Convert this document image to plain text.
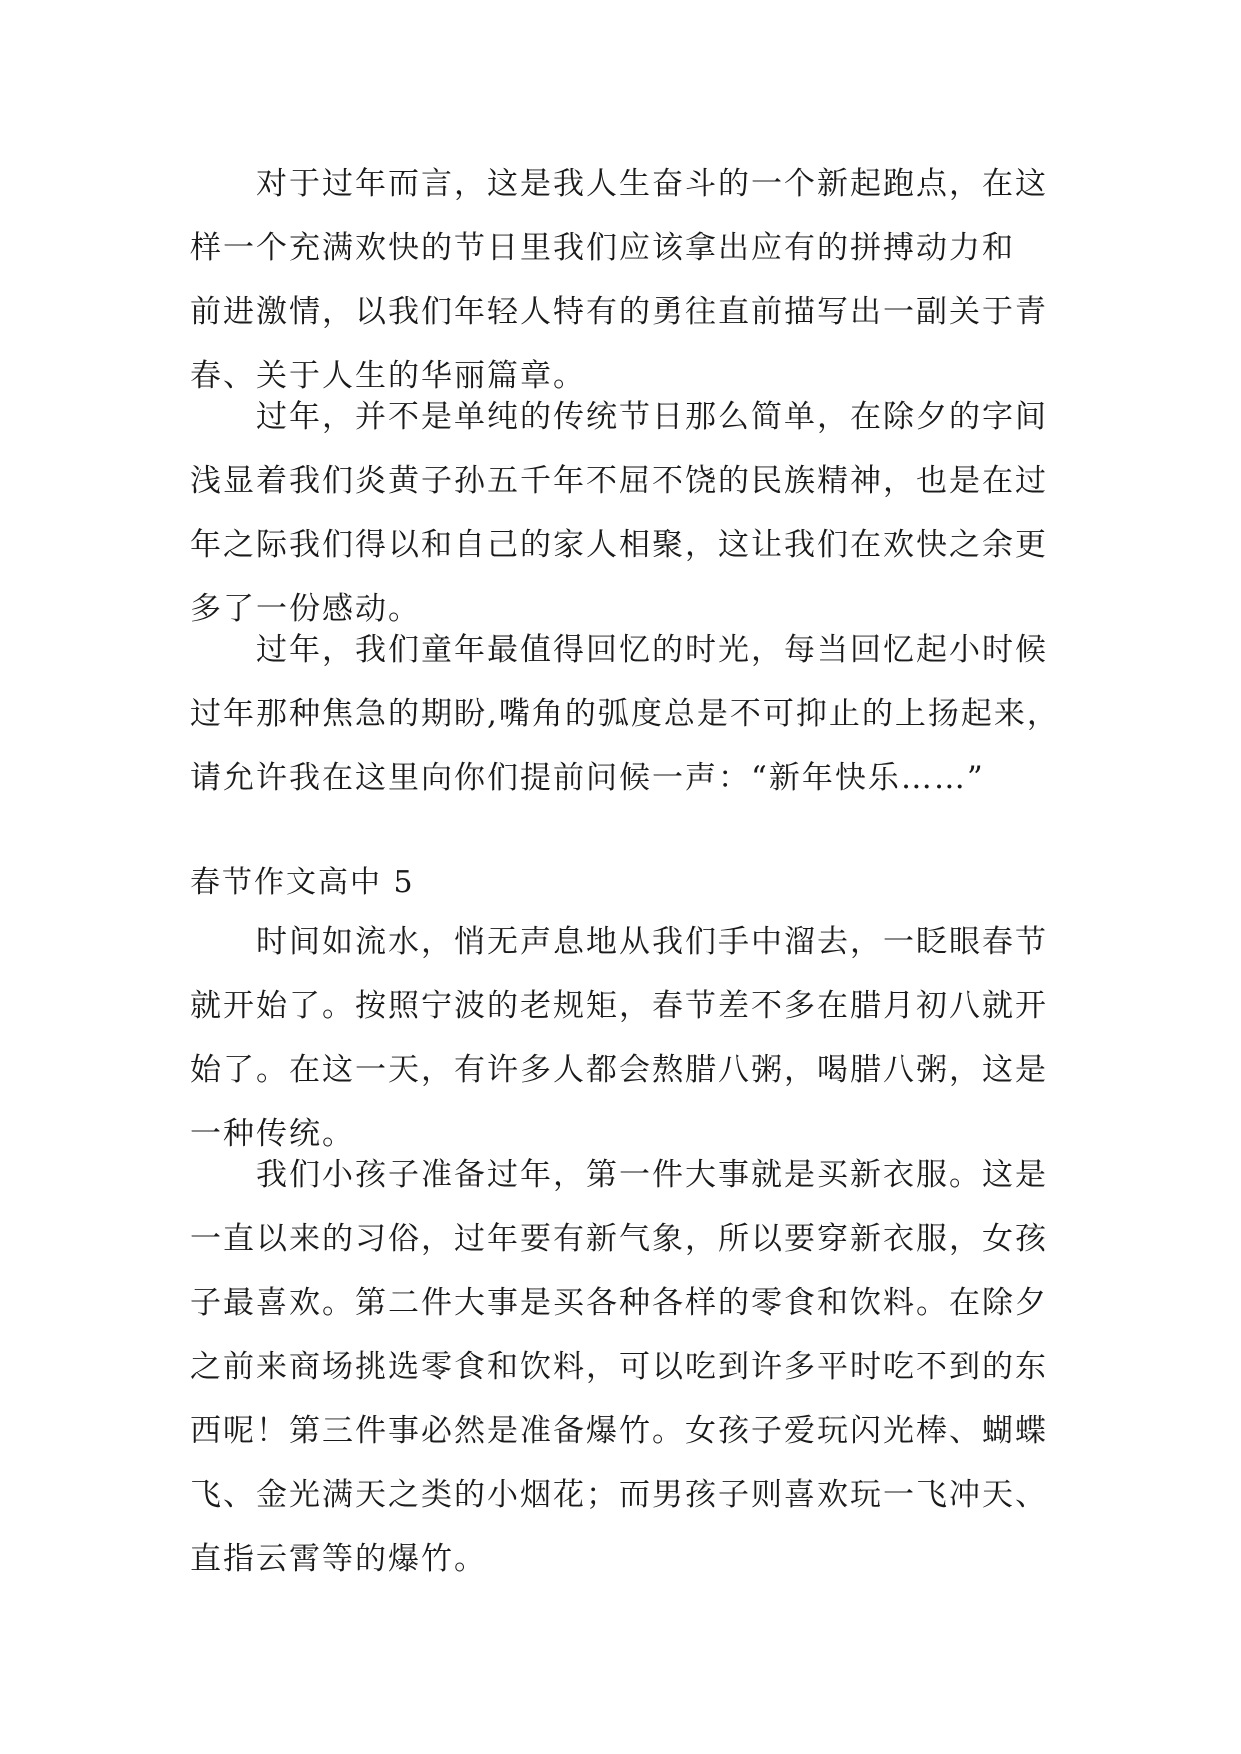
对于过年而言，这是我人生奋斗的一个新起跑点，在这
样一个充满欢快的节日里我们应该拿出应有的拼搏动力和
前进激情，以我们年轻人特有的勇往直前描写出一副关于青
春、关于人生的华丽篇章。
过年，并不是单纯的传统节日那么简单，在除夕的字间
浅显着我们炎黄子孙五千年不屈不饶的民族精神，也是在过
年之际我们得以和自己的家人相聚，这让我们在欢快之余更
多了一份感动。
过年，我们童年最值得回忆的时光，每当回忆起小时候
过年那种焦急的期盼,嘴角的弧度总是不可抑止的上扬起来，
请允许我在这里向你们提前问候一声：“新年快乐……”
春节作文高中 5
时间如流水，悄无声息地从我们手中溜去，一眨眼春节
就开始了。按照宁波的老规矩，春节差不多在腊月初八就开
始了。在这一天，有许多人都会熬腊八粥，喝腊八粥，这是
一种传统。
我们小孩子准备过年，第一件大事就是买新衣服。这是
一直以来的习俗，过年要有新气象，所以要穿新衣服，女孩
子最喜欢。第二件大事是买各种各样的零食和饮料。在除夕
之前来商场挑选零食和饮料，可以吃到许多平时吃不到的东
西呢！第三件事必然是准备爆竹。女孩子爱玩闪光棒、蝴蝶
飞、金光满天之类的小烟花；而男孩子则喜欢玩一飞冲天、
直指云霄等的爆竹。
